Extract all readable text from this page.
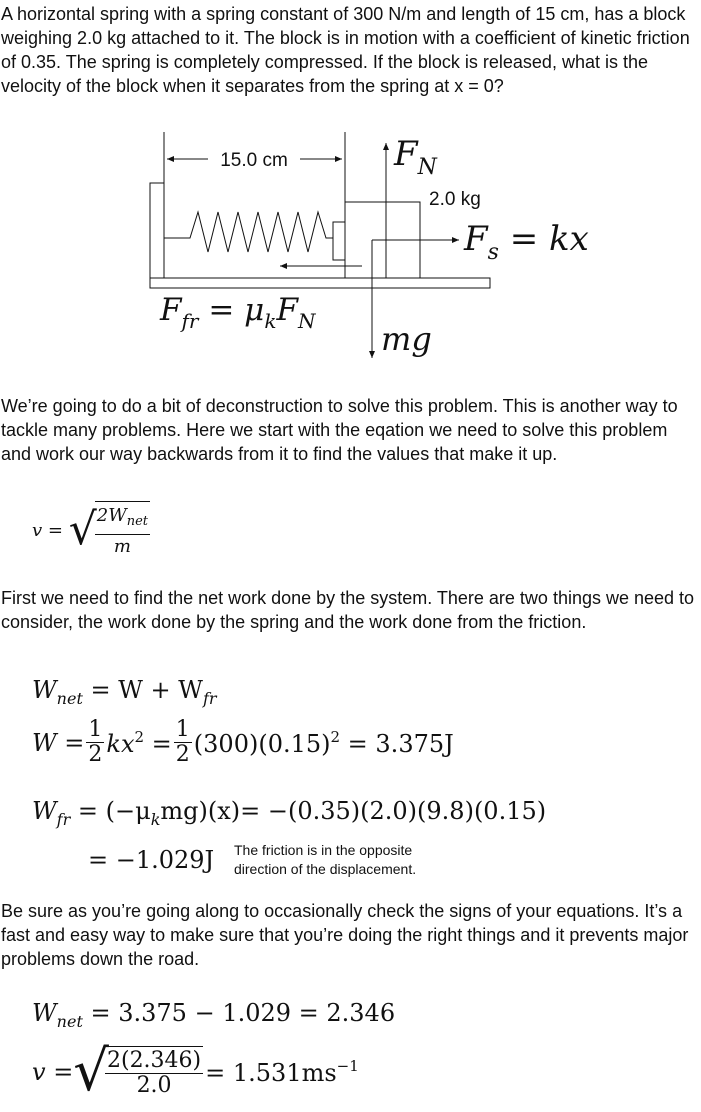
A horizontal spring with a spring constant of 300 N/m and length of 15 cm, has a block weighing 2.0 kg attached to it. The block is in motion with a coefficient of kinetic friction of 0.35. The spring is completely compressed. If the block is released, what is the velocity of the block when it separates from the spring at x = 0?

15.0 cm
2.0 kg
$F_N$
$F_s$ = kx
$F_{fr} = \mu_kF_N$ mg

We’re going to do a bit of deconstruction to solve this problem. This is another way to tackle many problems. Here we start with the eqation we need to solve this problem and work our way backwards from it to find the values that make it up.

v = √
$\frac{2W_{net}}{m}$

First we need to find the net work done by the system. There are two things we need to consider, the work done by the spring and the work done from the friction.

$W_{net} = W + W_{fr}$
$W = \frac{1}{2} kx^2 = \frac{1}{2} (300)(0.15)^2 = 3.375J$
$W_{fr} = (-\mu_kmg)(x)= -(0.35)(2.0)(9.8)(0.15)$
= −1.029J The friction is in the opposite
direction of the displacement.

Be sure as you’re going along to occasionally check the signs of your equations. It’s a fast and easy way to make sure that you’re doing the right things and it prevents major problems down the road.

$W_{net} = 3.375 - 1.029 = 2.346$
v =√
$\frac{2(2.346)}{2.0} = 1.531ms^{-1}$
